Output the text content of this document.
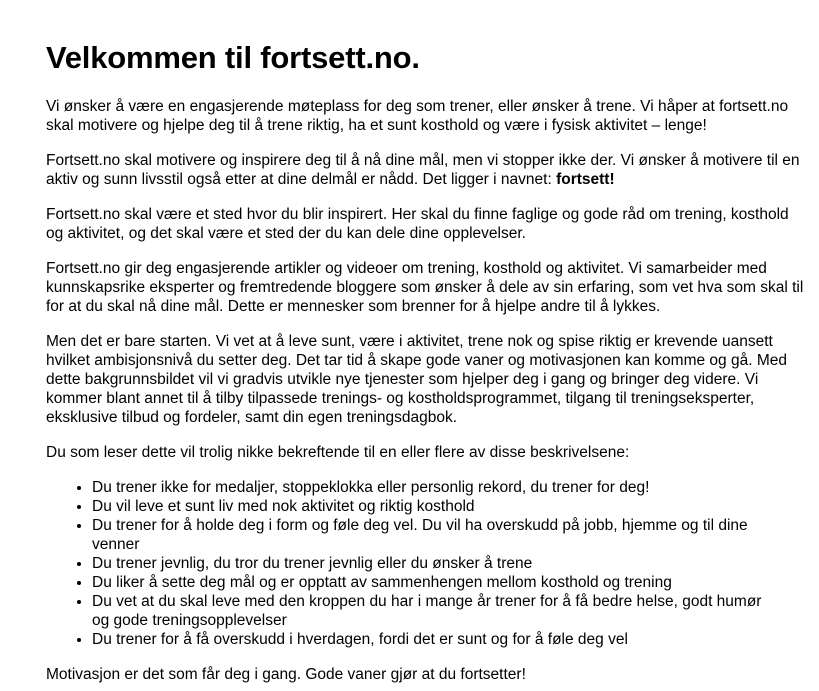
Velkommen til fortsett.no.

Vi ønsker å være en engasjerende møteplass for deg som trener, eller ønsker å trene. Vi håper at fortsett.no skal motivere og hjelpe deg til å trene riktig, ha et sunt kosthold og være i fysisk aktivitet – lenge!

Fortsett.no skal motivere og inspirere deg til å nå dine mål, men vi stopper ikke der. Vi ønsker å motivere til en aktiv og sunn livsstil også etter at dine delmål er nådd. Det ligger i navnet: fortsett!

Fortsett.no skal være et sted hvor du blir inspirert. Her skal du finne faglige og gode råd om trening, kosthold og aktivitet, og det skal være et sted der du kan dele dine opplevelser.

Fortsett.no gir deg engasjerende artikler og videoer om trening, kosthold og aktivitet. Vi samarbeider med kunnskapsrike eksperter og fremtredende bloggere som ønsker å dele av sin erfaring, som vet hva som skal til for at du skal nå dine mål. Dette er mennesker som brenner for å hjelpe andre til å lykkes.

Men det er bare starten. Vi vet at å leve sunt, være i aktivitet, trene nok og spise riktig er krevende uansett hvilket ambisjonsnivå du setter deg. Det tar tid å skape gode vaner og motivasjonen kan komme og gå. Med dette bakgrunnsbildet vil vi gradvis utvikle nye tjenester som hjelper deg i gang og bringer deg videre. Vi kommer blant annet til å tilby tilpassede trenings- og kostholdsprogrammet, tilgang til treningseksperter, eksklusive tilbud og fordeler, samt din egen treningsdagbok.

Du som leser dette vil trolig nikke bekreftende til en eller flere av disse beskrivelsene:

• Du trener ikke for medaljer, stoppeklokka eller personlig rekord, du trener for deg!
• Du vil leve et sunt liv med nok aktivitet og riktig kosthold
• Du trener for å holde deg i form og føle deg vel. Du vil ha overskudd på jobb, hjemme og til dine venner
• Du trener jevnlig, du tror du trener jevnlig eller du ønsker å trene
• Du liker å sette deg mål og er opptatt av sammenhengen mellom kosthold og trening
• Du vet at du skal leve med den kroppen du har i mange år trener for å få bedre helse, godt humør og gode treningsopplevelser
• Du trener for å få overskudd i hverdagen, fordi det er sunt og for å føle deg vel

Motivasjon er det som får deg i gang. Gode vaner gjør at du fortsetter!
